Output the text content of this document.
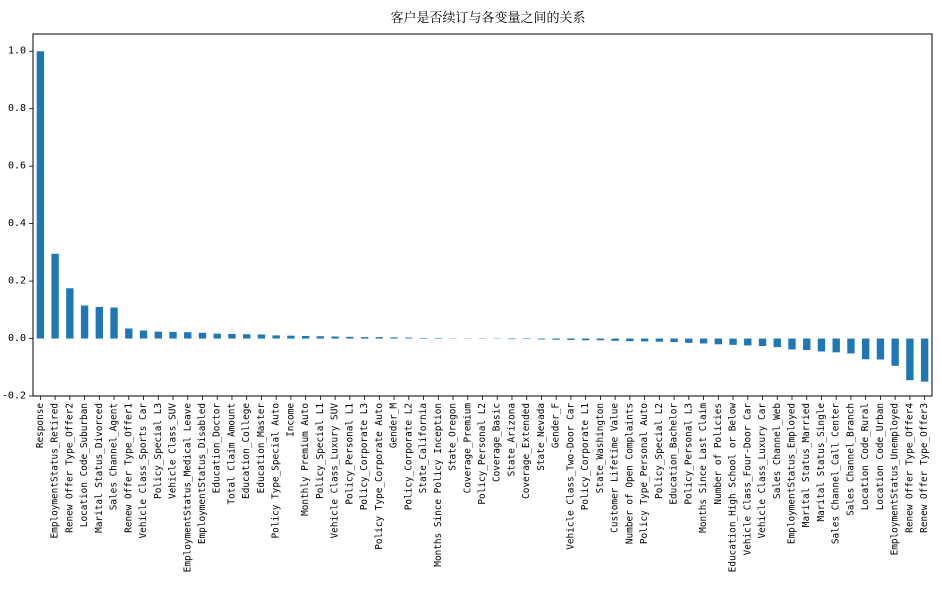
客户是否续订与各变量之间的关系
-0.2
0.0
0.2
0.4
0.6
0.8
1.0
Response EmploymentStatus_Retired Renew Offer Type_Offer2 Location Code_Suburban Marital Status_Divorced Sales Channel_Agent Renew Offer Type_Offer1 Vehicle Class_Sports Car Policy_Special L3 Vehicle Class_SUV EmploymentStatus_Medical Leave EmploymentStatus_Disabled Education_Doctor Total Claim Amount Education_College Education_Master Policy Type_Special Auto Income Monthly Premium Auto Policy_Special L1 Vehicle Class_Luxury SUV Policy_Personal L1 Policy_Corporate L3 Policy Type_Corporate Auto Gender_M Policy_Corporate L2 State_California Months Since Policy Inception State_Oregon Coverage_Premium Policy_Personal L2 Coverage_Basic State_Arizona Coverage_Extended State_Nevada Gender_F Vehicle Class_Two-Door Car Policy_Corporate L1 State_Washington Customer Lifetime Value Number of Open Complaints Policy Type_Personal Auto Policy_Special L2 Education_Bachelor Policy_Personal L3 Months Since Last Claim Number of Policies Education_High School or Below Vehicle Class_Four-Door Car Vehicle Class_Luxury Car Sales Channel_Web EmploymentStatus_Employed Marital Status_Married Marital Status_Single Sales Channel_Call Center Sales Channel_Branch Location Code_Rural Location Code_Urban EmploymentStatus_Unemployed Renew Offer Type_Offer4 Renew Offer Type_Offer3
